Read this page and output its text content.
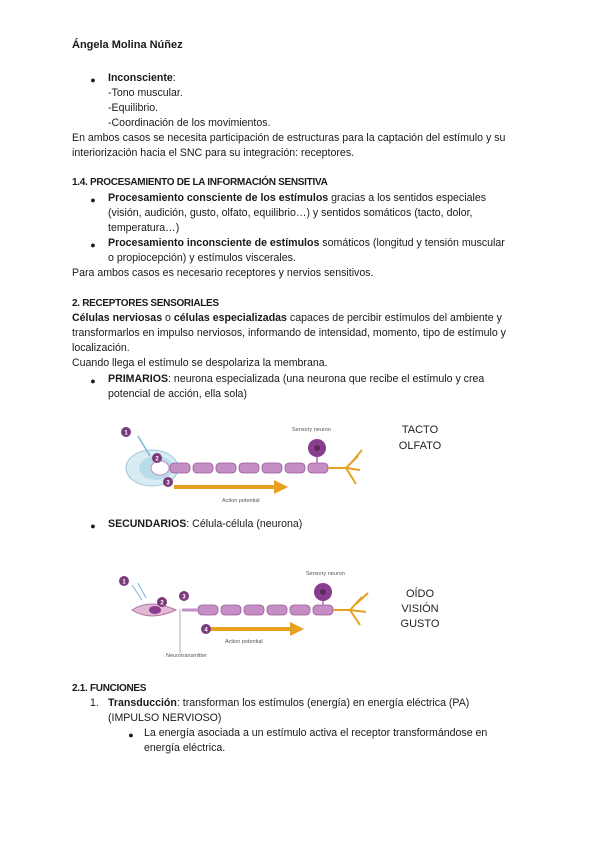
Ángela Molina Núñez
● Inconsciente:
-Tono muscular.
-Equilibrio.
-Coordinación de los movimientos.
En ambos casos se necesita participación de estructuras para la captación del estímulo y su
interiorización hacia el SNC para su integración: receptores.
1.4. PROCESAMIENTO DE LA INFORMACIÓN SENSITIVA
● Procesamiento consciente de los estímulos gracias a los sentidos especiales
(visión, audición, gusto, olfato, equilibrio…) y sentidos somáticos (tacto, dolor,
temperatura…)
● Procesamiento inconsciente de estímulos somáticos (longitud y tensión muscular
o propiocepción) y estímulos viscerales.
Para ambos casos es necesario receptores y nervios sensitivos.
2. RECEPTORES SENSORIALES
Células nerviosas o células especializadas capaces de percibir estímulos del ambiente y
transformarlos en impulso nerviosos, informando de intensidad, momento, tipo de estímulo y
localización.
Cuando llega el estímulo se despolariza la membrana.
● PRIMARIOS: neurona especializada (una neurona que recibe el estímulo y crea
potencial de acción, ella sola)
Action potential
Sensory neuron
1
2
3
TACTO
OLFATO
● SECUNDARIOS: Célula-célula (neurona)
Action potential
Sensory neuron
Neurotransmitter
1
2
3
4
OÍDO
VISIÓN
GUSTO
2.1. FUNCIONES
1. Transducción: transforman los estímulos (energía) en energía eléctrica (PA)
(IMPULSO NERVIOSO)
● La energía asociada a un estímulo activa el receptor transformándose en
energía eléctrica.
